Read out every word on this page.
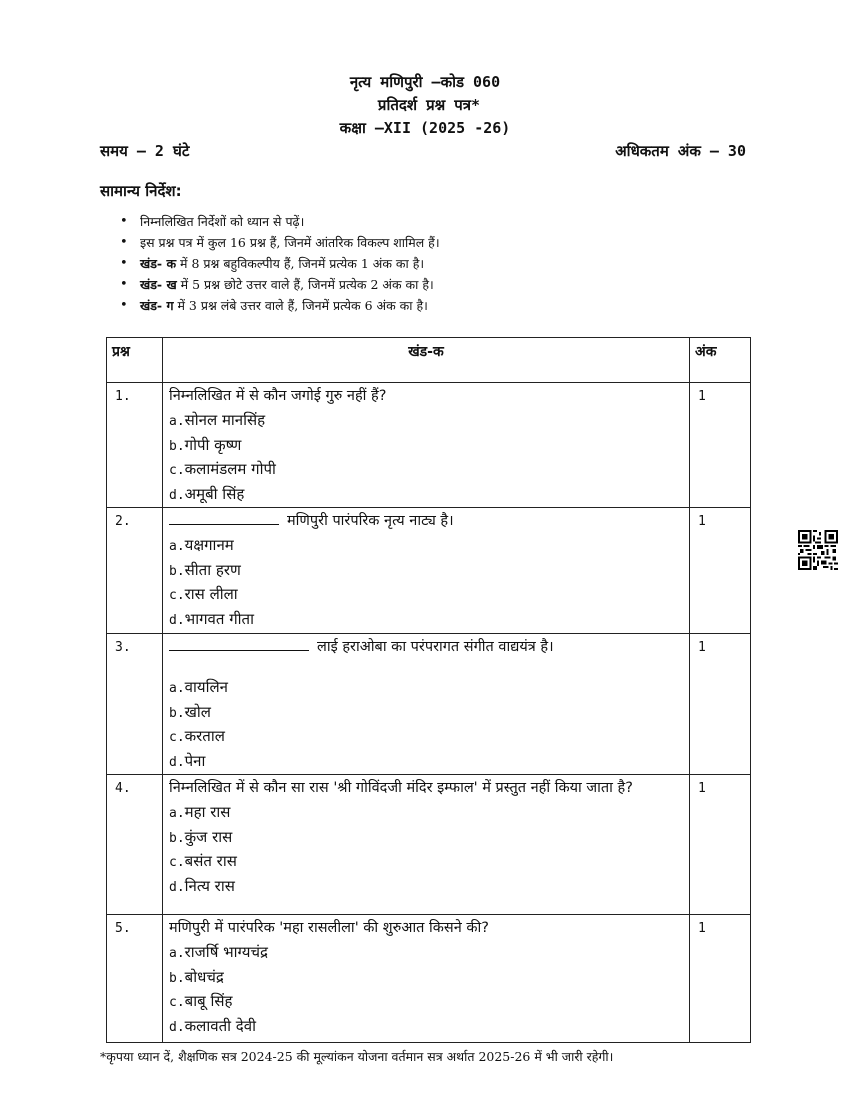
नृत्य मणिपुरी –कोड 060
प्रतिदर्श प्रश्न पत्र*
कक्षा –XII (2025 -26)
समय – 2 घंटे	अधिकतम अंक – 30
सामान्य निर्देश:
• निम्नलिखित निर्देशों को ध्यान से पढ़ें।
• इस प्रश्न पत्र में कुल 16 प्रश्न हैं, जिनमें आंतरिक विकल्प शामिल हैं।
• खंड- क में 8 प्रश्न बहुविकल्पीय हैं, जिनमें प्रत्येक 1 अंक का है।
• खंड- ख में 5 प्रश्न छोटे उत्तर वाले हैं, जिनमें प्रत्येक 2 अंक का है।
• खंड- ग में 3 प्रश्न लंबे उत्तर वाले हैं, जिनमें प्रत्येक 6 अंक का है।
प्रश्न	खंड-क	अंक
1.	निम्नलिखित में से कौन जगोई गुरु नहीं हैं?
a.सोनल मानसिंह
b.गोपी कृष्ण
c.कलामंडलम गोपी
d.अमूबी सिंह	1
2.	मणिपुरी पारंपरिक नृत्य नाट्य है।
a.यक्षगानम
b.सीता हरण
c.रास लीला
d.भागवत गीता	1
3.	लाई हराओबा का परंपरागत संगीत वाद्ययंत्र है।
a.वायलिन
b.खोल
c.करताल
d.पेना	1
4.	निम्नलिखित में से कौन सा रास 'श्री गोविंदजी मंदिर इम्फाल' में प्रस्तुत नहीं किया जाता है?
a.महा रास
b.कुंज रास
c.बसंत रास
d.नित्य रास	1
5.	मणिपुरी में पारंपरिक 'महा रासलीला' की शुरुआत किसने की?
a.राजर्षि भाग्यचंद्र
b.बोधचंद्र
c.बाबू सिंह
d.कलावती देवी	1
*कृपया ध्यान दें, शैक्षणिक सत्र 2024-25 की मूल्यांकन योजना वर्तमान सत्र अर्थात 2025-26 में भी जारी रहेगी।
